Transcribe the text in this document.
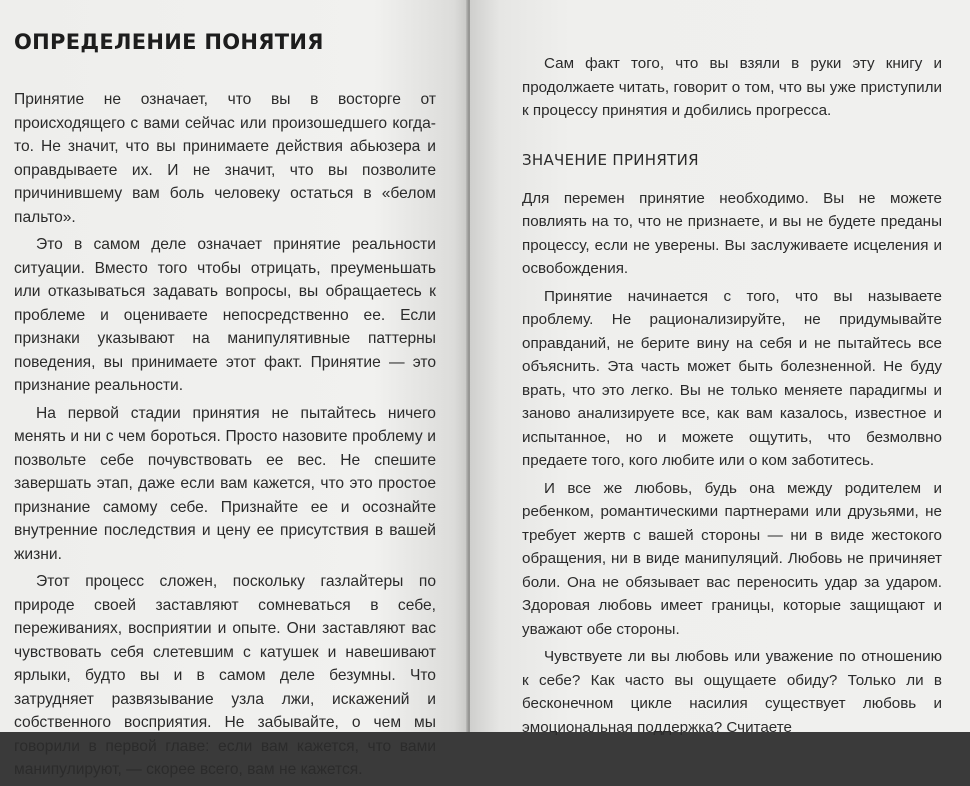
ОПРЕДЕЛЕНИЕ ПОНЯТИЯ

Принятие не означает, что вы в восторге от происходящего с вами сейчас или произошедшего когда-то. Не значит, что вы принимаете действия абьюзера и оправдываете их. И не значит, что вы позволите причинившему вам боль человеку остаться в «белом пальто».

Это в самом деле означает принятие реальности ситуации. Вместо того чтобы отрицать, преуменьшать или отказываться задавать вопросы, вы обращаетесь к проблеме и оцениваете непосредственно ее. Если признаки указывают на манипулятивные паттерны поведения, вы принимаете этот факт. Принятие — это признание реальности.

На первой стадии принятия не пытайтесь ничего менять и ни с чем бороться. Просто назовите проблему и позвольте себе почувствовать ее вес. Не спешите завершать этап, даже если вам кажется, что это простое признание самому себе. Признайте ее и осознайте внутренние последствия и цену ее присутствия в вашей жизни.

Этот процесс сложен, поскольку газлайтеры по природе своей заставляют сомневаться в себе, переживаниях, восприятии и опыте. Они заставляют вас чувствовать себя слетевшим с катушек и навешивают ярлыки, будто вы и в самом деле безумны. Что затрудняет развязывание узла лжи, искажений и собственного восприятия. Не забывайте, о чем мы говорили в первой главе: если вам кажется, что вами манипулируют, — скорее всего, вам не кажется.

Сам факт того, что вы взяли в руки эту книгу и продолжаете читать, говорит о том, что вы уже приступили к процессу принятия и добились прогресса.

ЗНАЧЕНИЕ ПРИНЯТИЯ

Для перемен принятие необходимо. Вы не можете повлиять на то, что не признаете, и вы не будете преданы процессу, если не уверены. Вы заслуживаете исцеления и освобождения.

Принятие начинается с того, что вы называете проблему. Не рационализируйте, не придумывайте оправданий, не берите вину на себя и не пытайтесь все объяснить. Эта часть может быть болезненной. Не буду врать, что это легко. Вы не только меняете парадигмы и заново анализируете все, как вам казалось, известное и испытанное, но и можете ощутить, что безмолвно предаете того, кого любите или о ком заботитесь.

И все же любовь, будь она между родителем и ребенком, романтическими партнерами или друзьями, не требует жертв с вашей стороны — ни в виде жестокого обращения, ни в виде манипуляций. Любовь не причиняет боли. Она не обязывает вас переносить удар за ударом. Здоровая любовь имеет границы, которые защищают и уважают обе стороны.

Чувствуете ли вы любовь или уважение по отношению к себе? Как часто вы ощущаете обиду? Только ли в бесконечном цикле насилия существует любовь и эмоциональная поддержка? Считаете
